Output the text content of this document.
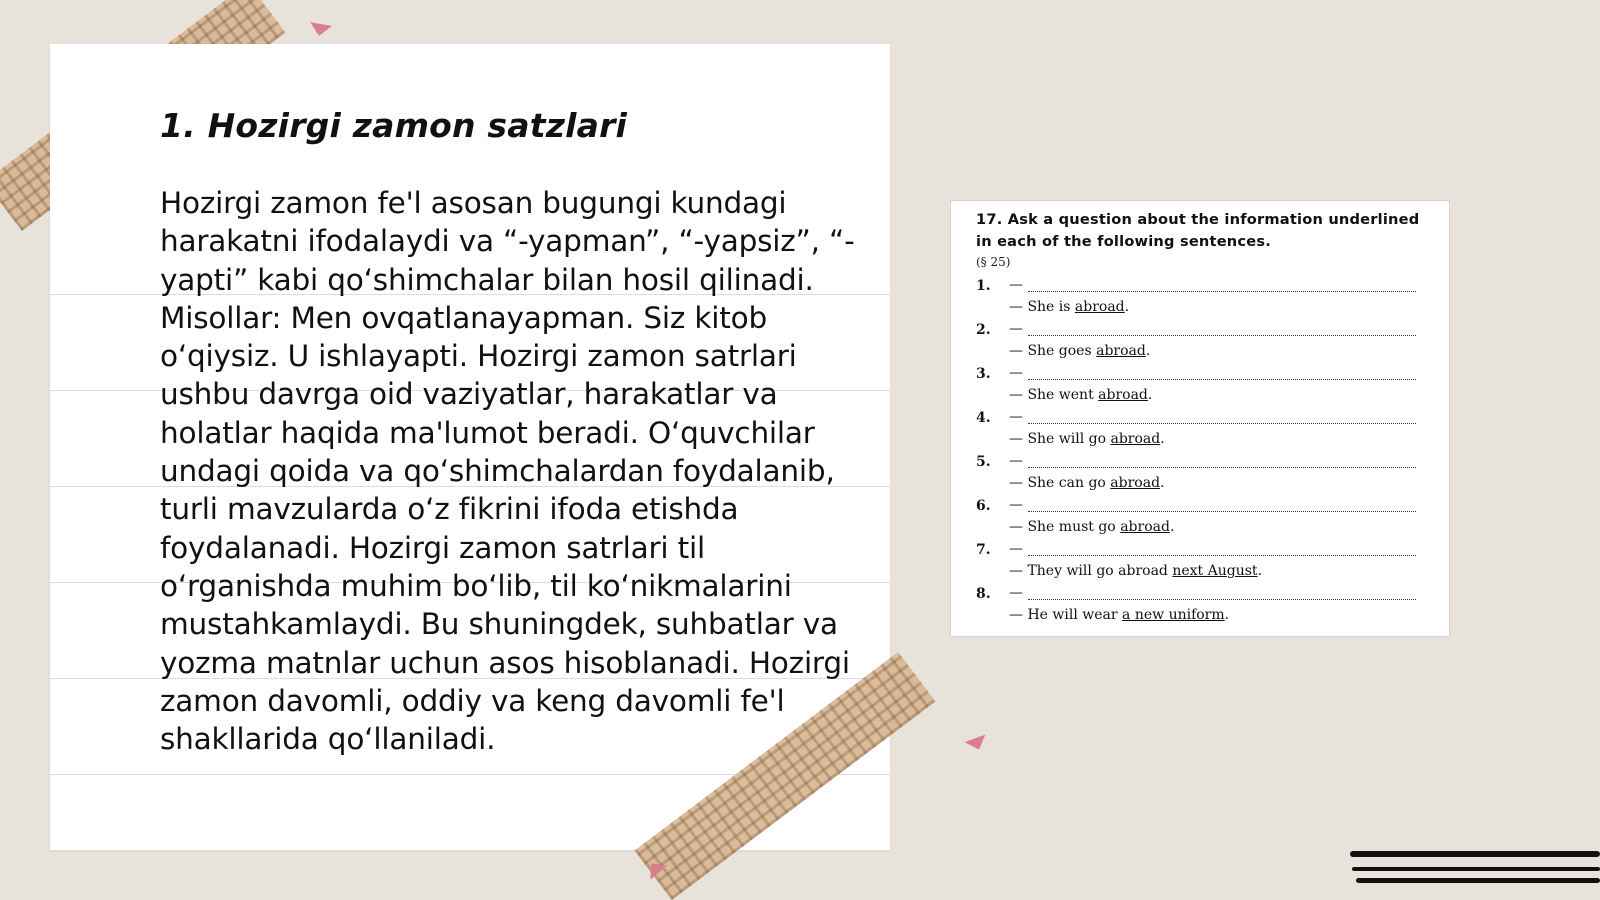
1. Hozirgi zamon satzlari

Hozirgi zamon fe'l asosan bugungi kundagi harakatni ifodalaydi va “-yapman”, “-yapsiz”, “-yapti” kabi qo‘shimchalar bilan hosil qilinadi. Misollar: Men ovqatlanayapman. Siz kitob o‘qiysiz. U ishlayapti. Hozirgi zamon satrlari ushbu davrga oid vaziyatlar, harakatlar va holatlar haqida ma'lumot beradi. O‘quvchilar undagi qoida va qo‘shimchalardan foydalanib, turli mavzularda o‘z fikrini ifoda etishda foydalanadi. Hozirgi zamon satrlari til o‘rganishda muhim bo‘lib, til ko‘nikmalarini mustahkamlaydi. Bu shuningdek, suhbatlar va yozma matnlar uchun asos hisoblanadi. Hozirgi zamon davomli, oddiy va keng davomli fe'l shakllarida qo‘llaniladi.

17. Ask a question about the information underlined in each of the following sentences.

(§ 25)

1. —
— She is abroad.
2. —
— She goes abroad.
3. —
— She went abroad.
4. —
— She will go abroad.
5. —
— She can go abroad.
6. —
— She must go abroad.
7. —
— They will go abroad next August.
8. —
— He will wear a new uniform.
